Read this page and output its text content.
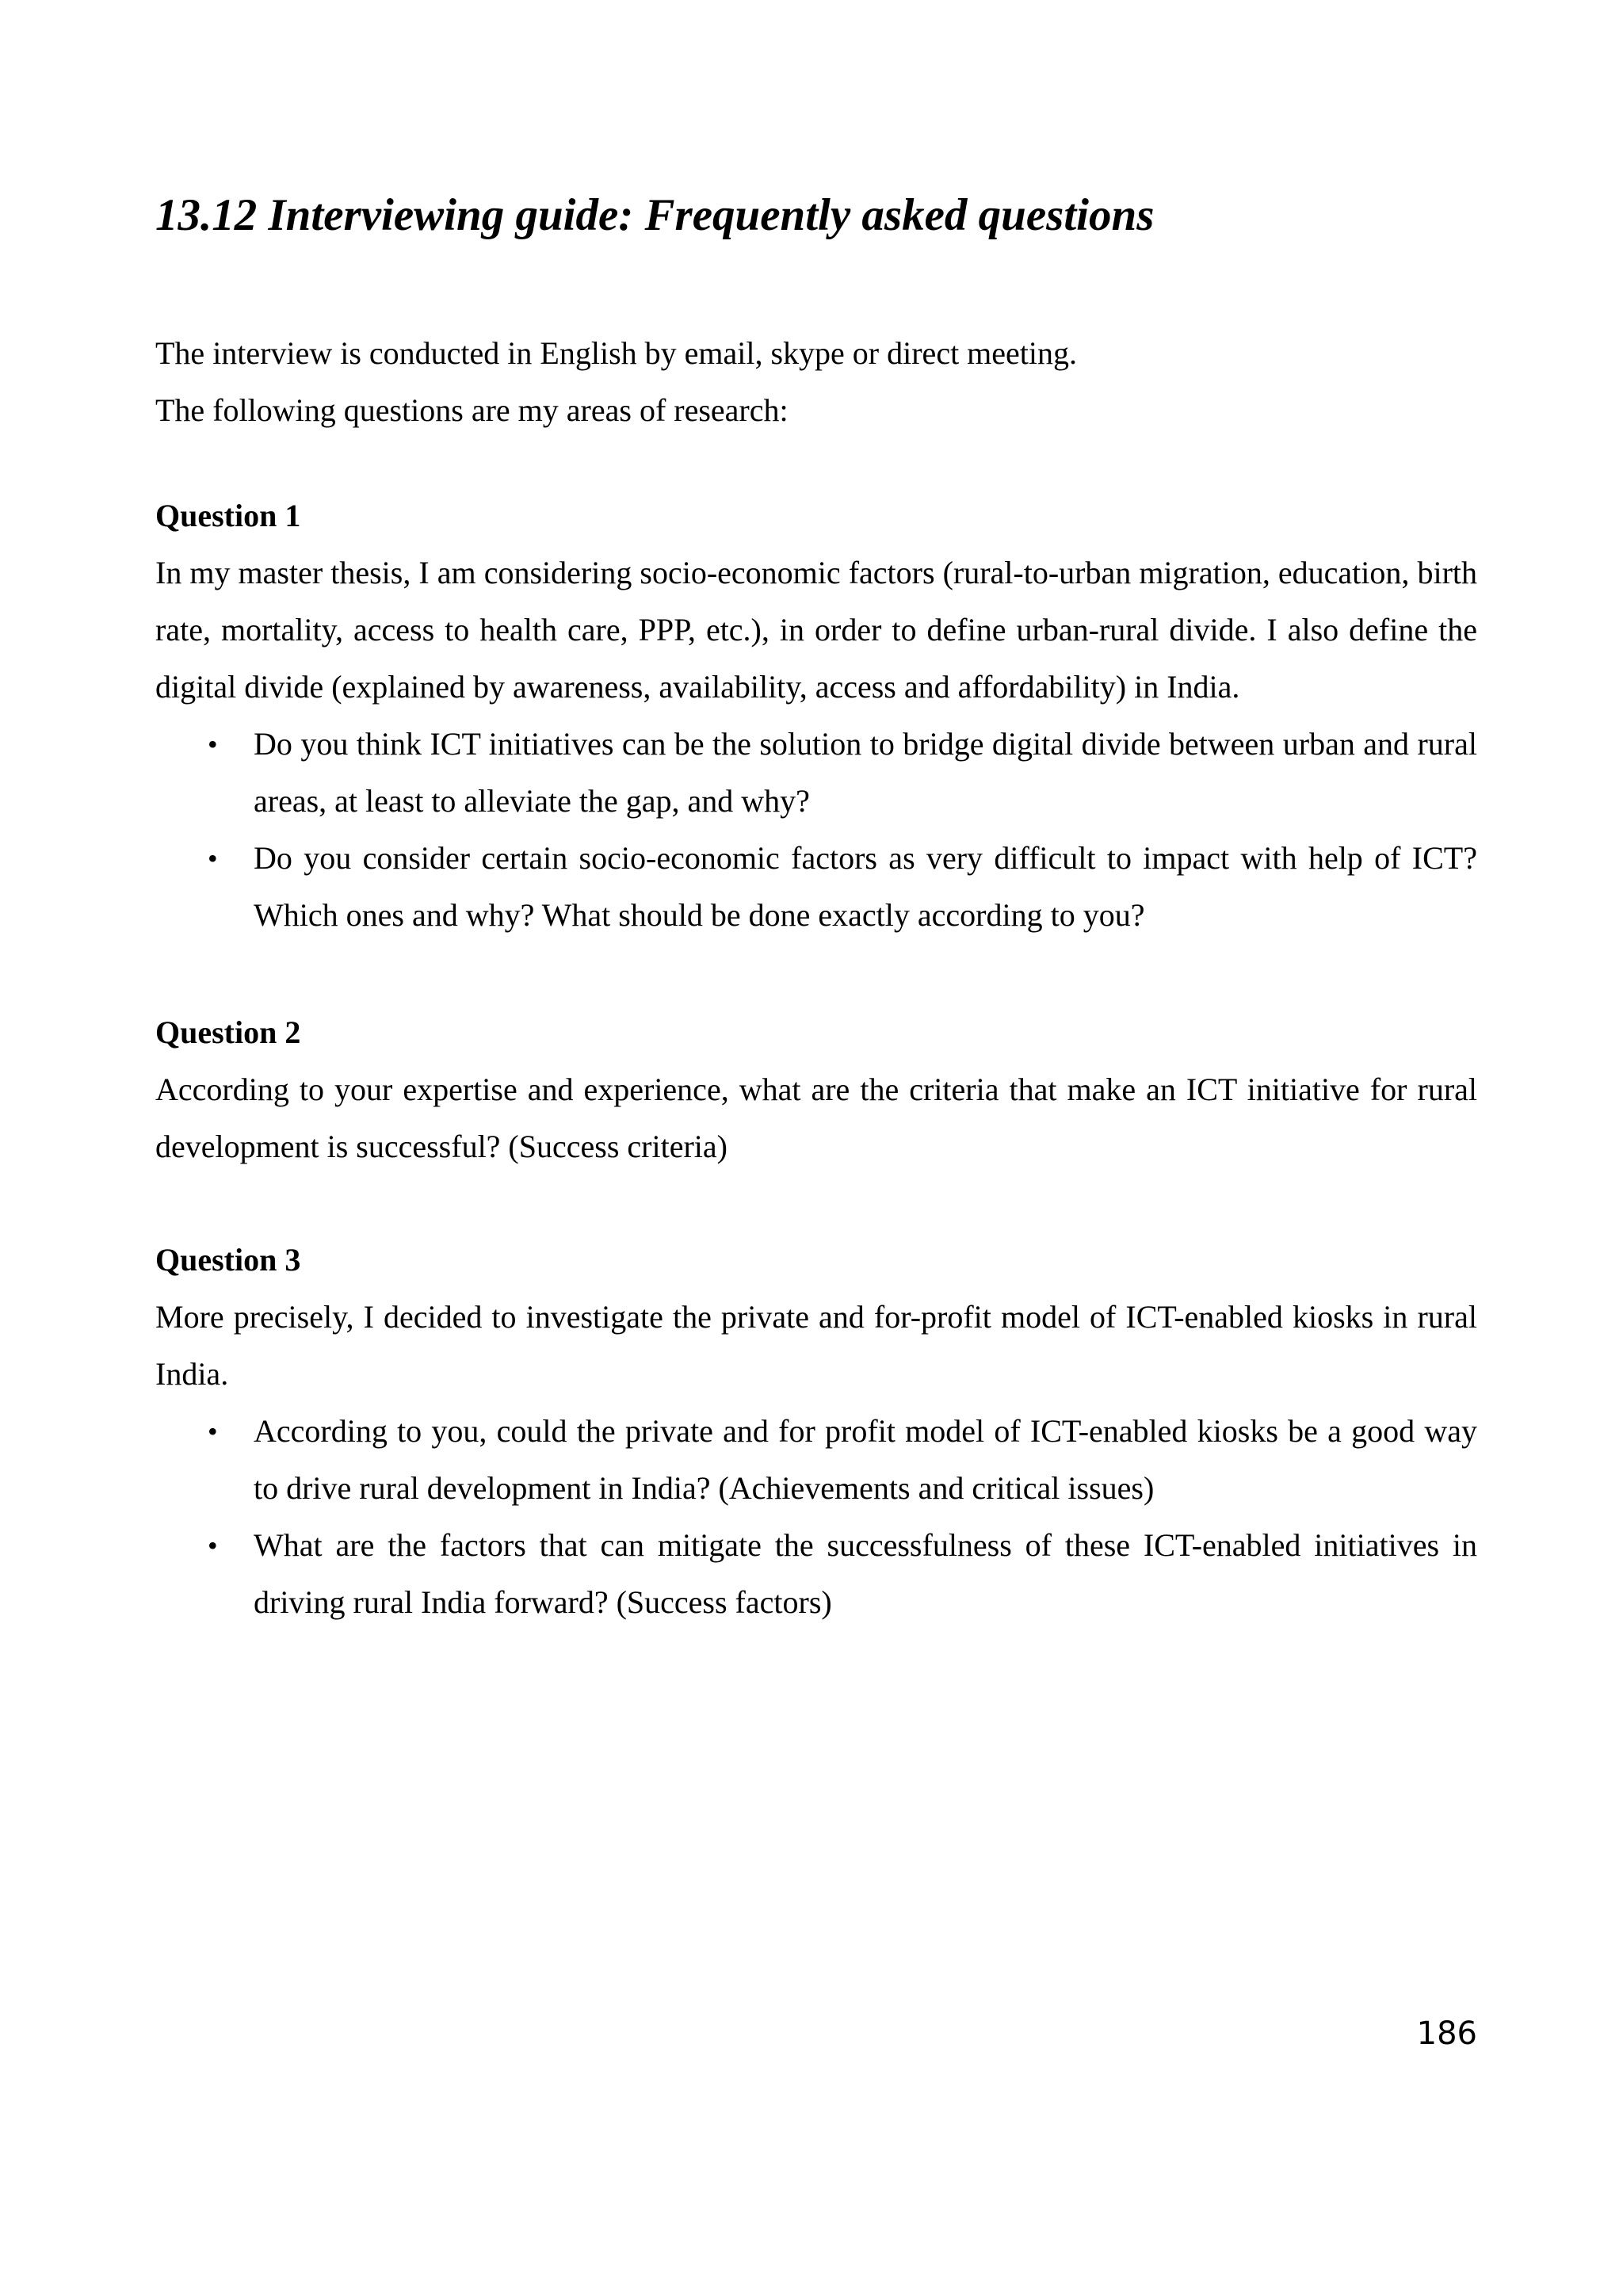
13.12 Interviewing guide: Frequently asked questions

The interview is conducted in English by email, skype or direct meeting.

The following questions are my areas of research:

Question 1

In my master thesis, I am considering socio-economic factors (rural-to-urban migration, education, birth rate, mortality, access to health care, PPP, etc.), in order to define urban-rural divide. I also define the digital divide (explained by awareness, availability, access and affordability) in India.

• Do you think ICT initiatives can be the solution to bridge digital divide between urban and rural areas, at least to alleviate the gap, and why?
• Do you consider certain socio-economic factors as very difficult to impact with help of ICT? Which ones and why? What should be done exactly according to you?

Question 2

According to your expertise and experience, what are the criteria that make an ICT initiative for rural development is successful? (Success criteria)

Question 3

More precisely, I decided to investigate the private and for-profit model of ICT-enabled kiosks in rural India.

• According to you, could the private and for profit model of ICT-enabled kiosks be a good way to drive rural development in India? (Achievements and critical issues)
• What are the factors that can mitigate the successfulness of these ICT-enabled initiatives in driving rural India forward? (Success factors)
186
